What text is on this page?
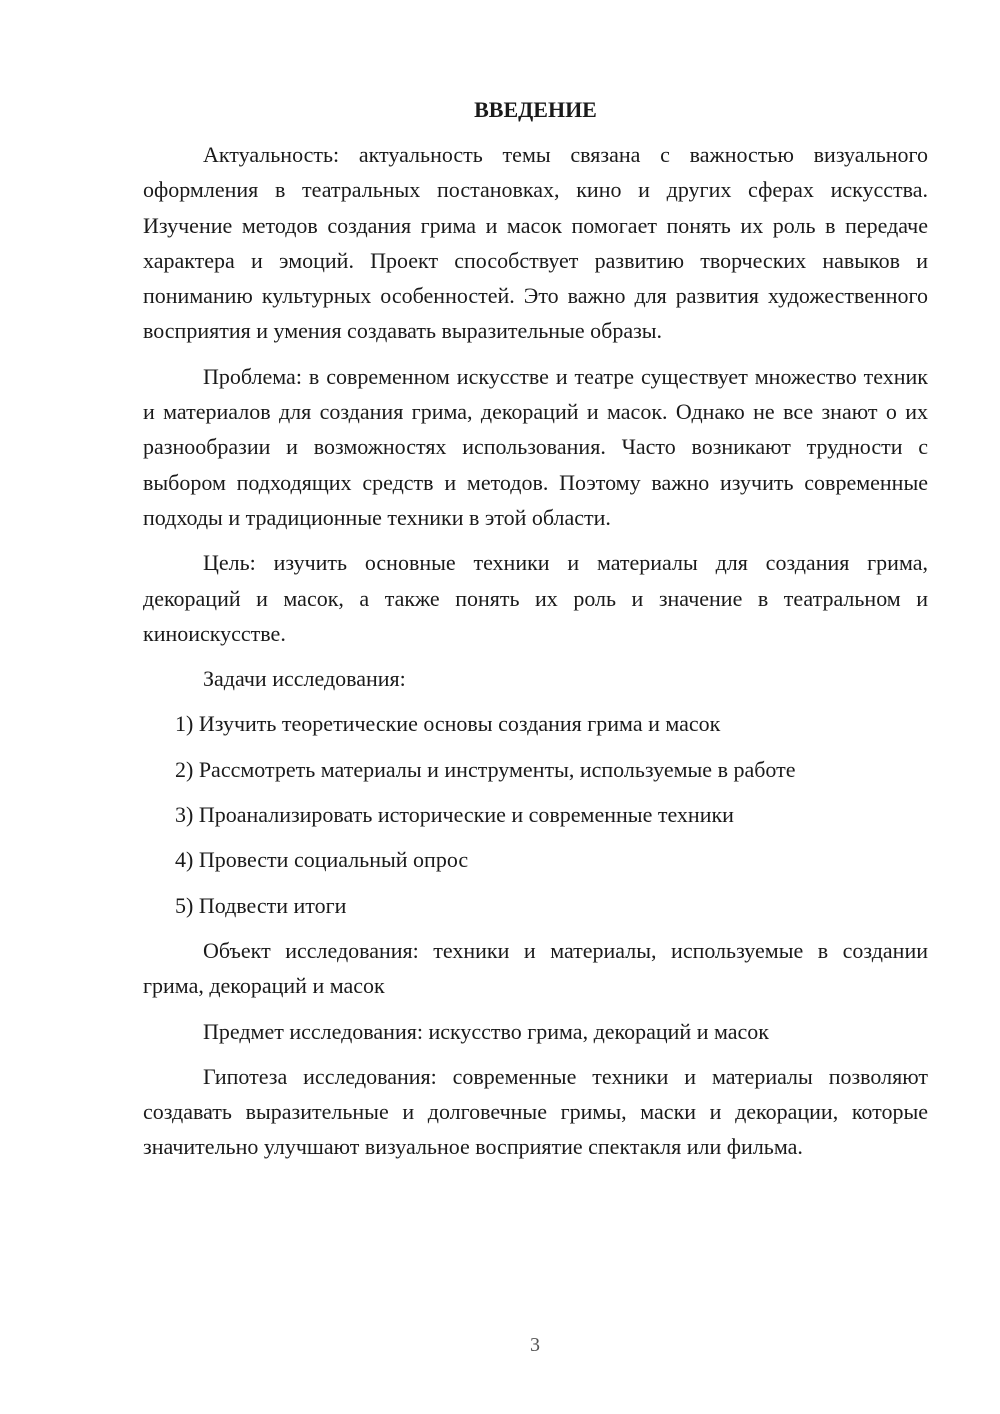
ВВЕДЕНИЕ

Актуальность: актуальность темы связана с важностью визуального оформления в театральных постановках, кино и других сферах искусства. Изучение методов создания грима и масок помогает понять их роль в передаче характера и эмоций. Проект способствует развитию творческих навыков и пониманию культурных особенностей. Это важно для развития художественного восприятия и умения создавать выразительные образы.

Проблема: в современном искусстве и театре существует множество техник и материалов для создания грима, декораций и масок. Однако не все знают о их разнообразии и возможностях использования. Часто возникают трудности с выбором подходящих средств и методов. Поэтому важно изучить современные подходы и традиционные техники в этой области.

Цель: изучить основные техники и материалы для создания грима, декораций и масок, а также понять их роль и значение в театральном и киноискусстве.

Задачи исследования:

1) Изучить теоретические основы создания грима и масок
2) Рассмотреть материалы и инструменты, используемые в работе
3) Проанализировать исторические и современные техники
4) Провести социальный опрос
5) Подвести итоги

Объект исследования: техники и материалы, используемые в создании грима, декораций и масок

Предмет исследования: искусство грима, декораций и масок

Гипотеза исследования: современные техники и материалы позволяют создавать выразительные и долговечные гримы, маски и декорации, которые значительно улучшают визуальное восприятие спектакля или фильма.

3
